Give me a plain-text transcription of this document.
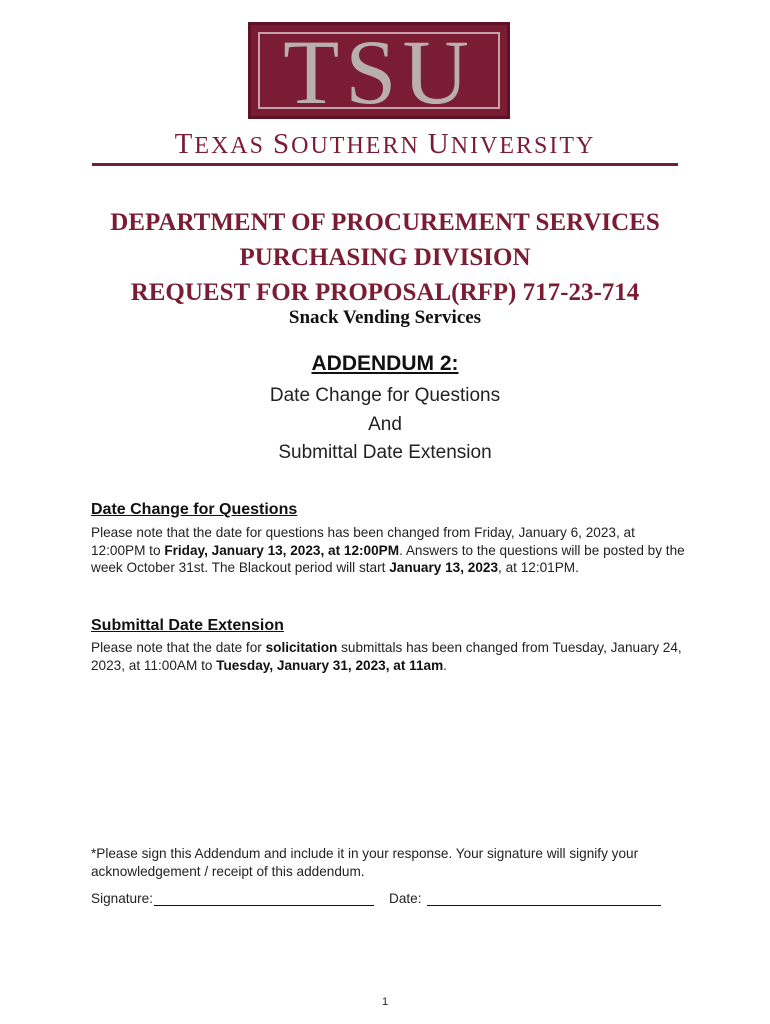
TSU
TEXAS SOUTHERN UNIVERSITY
DEPARTMENT OF PROCUREMENT SERVICES
PURCHASING DIVISION
REQUEST FOR PROPOSAL(RFP) 717-23-714
Snack Vending Services
ADDENDUM 2:
Date Change for Questions
And
Submittal Date Extension
Date Change for Questions
Please note that the date for questions has been changed from Friday, January 6, 2023, at 12:00PM to Friday, January 13, 2023, at 12:00PM. Answers to the questions will be posted by the week October 31st. The Blackout period will start January 13, 2023, at 12:01PM.
Submittal Date Extension
Please note that the date for solicitation submittals has been changed from Tuesday, January 24, 2023, at 11:00AM to Tuesday, January 31, 2023, at 11am.
*Please sign this Addendum and include it in your response. Your signature will signify your acknowledgement / receipt of this addendum.
Signature:	Date:
1
